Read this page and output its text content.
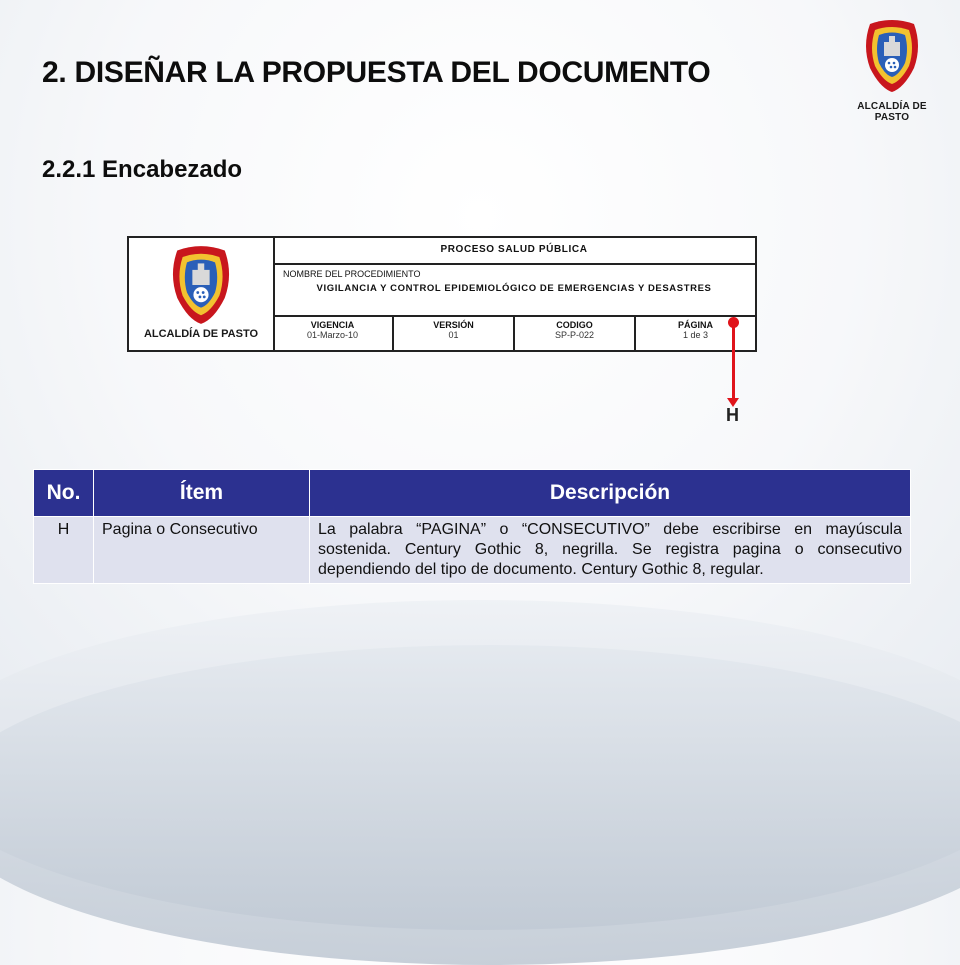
2. DISEÑAR LA PROPUESTA DEL DOCUMENTO
2.2.1 Encabezado
ALCALDÍA DE PASTO
ALCALDÍA DE PASTO
PROCESO SALUD PÚBLICA
NOMBRE DEL PROCEDIMIENTO
VIGILANCIA Y CONTROL EPIDEMIOLÓGICO DE EMERGENCIAS Y DESASTRES
VIGENCIA
01-Marzo-10
VERSIÓN
01
CODIGO
SP-P-022
PÁGINA
1 de 3
H
No.	Ítem	Descripción
H	Pagina o Consecutivo	La palabra “PAGINA” o “CONSECUTIVO” debe escribirse en mayúscula sostenida. Century Gothic 8, negrilla. Se registra pagina o consecutivo dependiendo del tipo de documento. Century Gothic 8, regular.
